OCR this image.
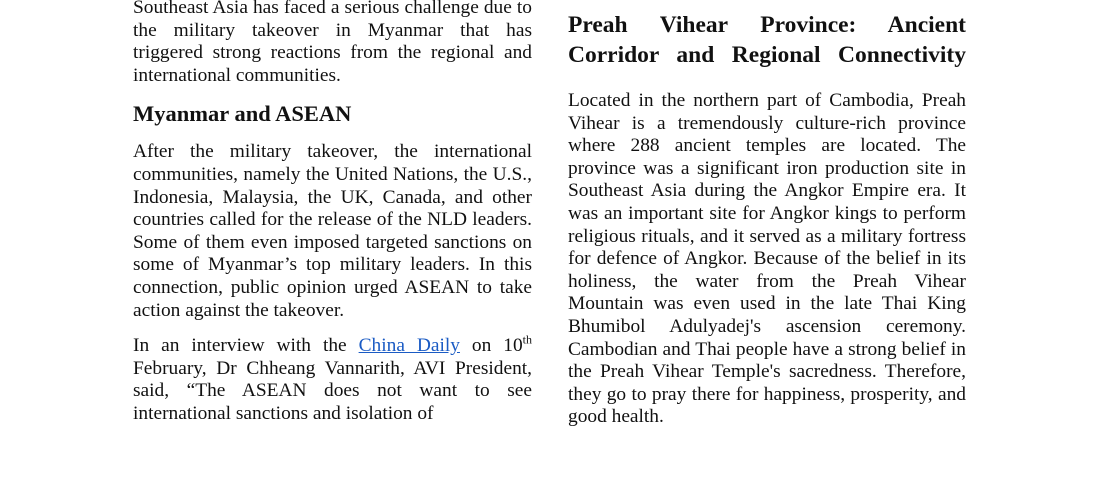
Southeast Asia has faced a serious challenge due to the military takeover in Myanmar that has triggered strong reactions from the regional and international communities.

Myanmar and ASEAN

After the military takeover, the international communities, namely the United Nations, the U.S., Indonesia, Malaysia, the UK, Canada, and other countries called for the release of the NLD leaders. Some of them even imposed targeted sanctions on some of Myanmar’s top military leaders. In this connection, public opinion urged ASEAN to take action against the takeover.

In an interview with the China Daily on 10th February, Dr Chheang Vannarith, AVI President, said, “The ASEAN does not want to see international sanctions and isolation of

Preah Vihear Province: Ancient
Corridor and Regional Connectivity

Located in the northern part of Cambodia, Preah Vihear is a tremendously culture-rich province where 288 ancient temples are located. The province was a significant iron production site in Southeast Asia during the Angkor Empire era. It was an important site for Angkor kings to perform religious rituals, and it served as a military fortress for defence of Angkor. Because of the belief in its holiness, the water from the Preah Vihear Mountain was even used in the late Thai King Bhumibol Adulyadej's ascension ceremony. Cambodian and Thai people have a strong belief in the Preah Vihear Temple's sacredness. Therefore, they go to pray there for happiness, prosperity, and good health.
